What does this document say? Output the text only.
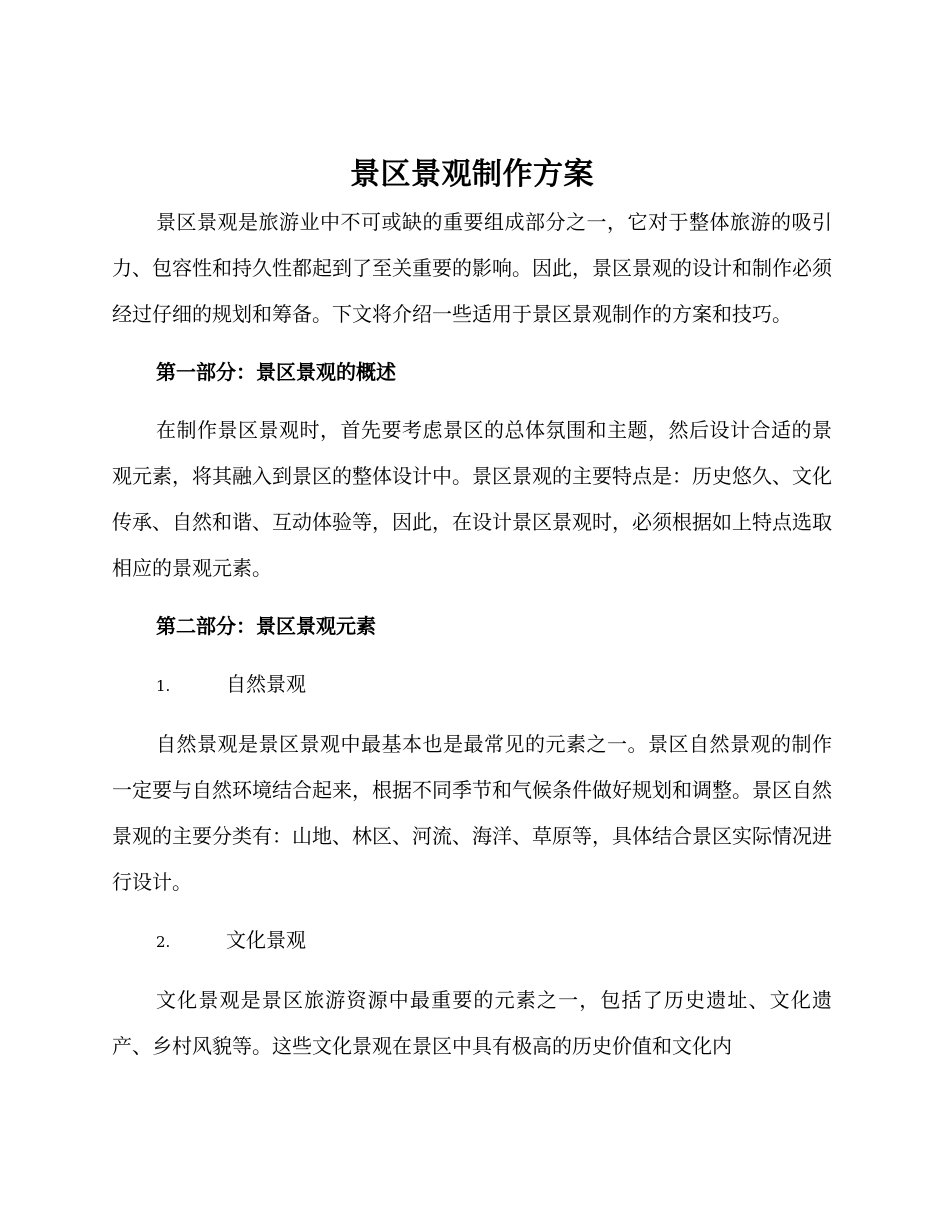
景区景观制作方案

景区景观是旅游业中不可或缺的重要组成部分之一，它对于整体旅游的吸引力、包容性和持久性都起到了至关重要的影响。因此，景区景观的设计和制作必须经过仔细的规划和筹备。下文将介绍一些适用于景区景观制作的方案和技巧。

第一部分：景区景观的概述

在制作景区景观时，首先要考虑景区的总体氛围和主题，然后设计合适的景观元素，将其融入到景区的整体设计中。景区景观的主要特点是：历史悠久、文化传承、自然和谐、互动体验等，因此，在设计景区景观时，必须根据如上特点选取相应的景观元素。

第二部分：景区景观元素

1.	自然景观

自然景观是景区景观中最基本也是最常见的元素之一。景区自然景观的制作一定要与自然环境结合起来，根据不同季节和气候条件做好规划和调整。景区自然景观的主要分类有：山地、林区、河流、海洋、草原等，具体结合景区实际情况进行设计。

2.	文化景观

文化景观是景区旅游资源中最重要的元素之一，包括了历史遗址、文化遗产、乡村风貌等。这些文化景观在景区中具有极高的历史价值和文化内
